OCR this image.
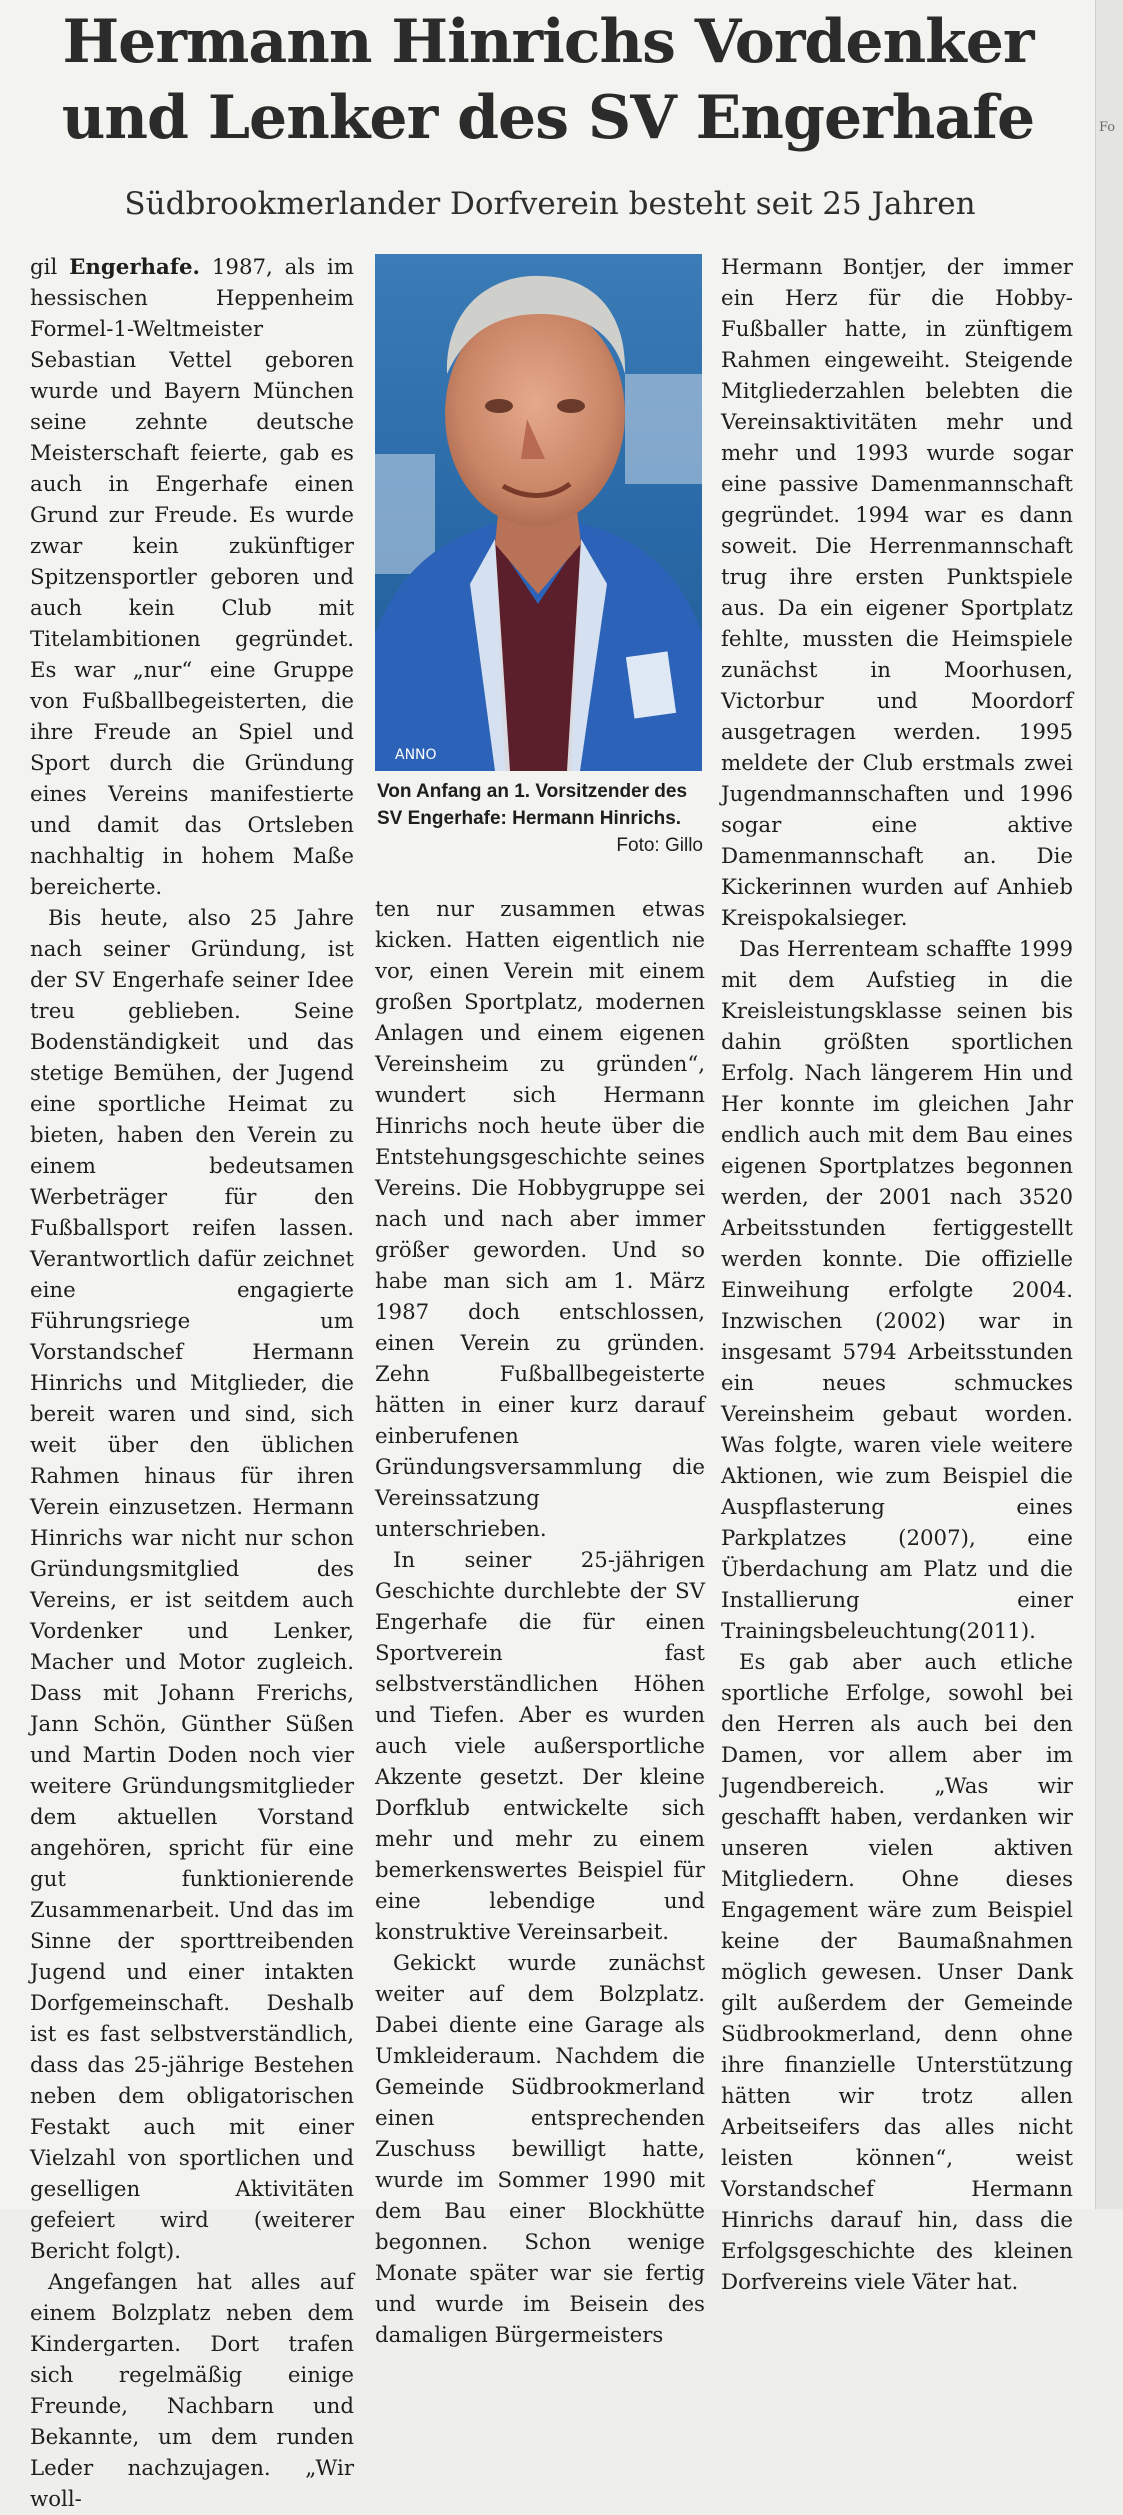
Hermann Hinrichs Vordenker
und Lenker des SV Engerhafe
Südbrookmerlander Dorfverein besteht seit 25 Jahren

gil Engerhafe. 1987, als im hessischen Heppenheim Formel-1-Weltmeister Sebastian Vettel geboren wurde und Bayern München seine zehnte deutsche Meisterschaft feierte, gab es auch in Engerhafe einen Grund zur Freude. Es wurde zwar kein zukünftiger Spitzensportler geboren und auch kein Club mit Titelambitionen gegründet. Es war „nur“ eine Gruppe von Fußballbegeisterten, die ihre Freude an Spiel und Sport durch die Gründung eines Vereins manifestierte und damit das Ortsleben nachhaltig in hohem Maße bereicherte.

Bis heute, also 25 Jahre nach seiner Gründung, ist der SV Engerhafe seiner Idee treu geblieben. Seine Bodenständigkeit und das stetige Bemühen, der Jugend eine sportliche Heimat zu bieten, haben den Verein zu einem bedeutsamen Werbeträger für den Fußballsport reifen lassen. Verantwortlich dafür zeichnet eine engagierte Führungsriege um Vorstandschef Hermann Hinrichs und Mitglieder, die bereit waren und sind, sich weit über den üblichen Rahmen hinaus für ihren Verein einzusetzen. Hermann Hinrichs war nicht nur schon Gründungsmitglied des Vereins, er ist seitdem auch Vordenker und Lenker, Macher und Motor zugleich. Dass mit Johann Frerichs, Jann Schön, Günther Süßen und Martin Doden noch vier weitere Gründungsmitglieder dem aktuellen Vorstand angehören, spricht für eine gut funktionierende Zusammenarbeit. Und das im Sinne der sporttreibenden Jugend und einer intakten Dorfgemeinschaft. Deshalb ist es fast selbstverständlich, dass das 25-jährige Bestehen neben dem obligatorischen Festakt auch mit einer Vielzahl von sportlichen und geselligen Aktivitäten gefeiert wird (weiterer Bericht folgt).

Angefangen hat alles auf einem Bolzplatz neben dem Kindergarten. Dort trafen sich regelmäßig einige Freunde, Nachbarn und Bekannte, um dem runden Leder nachzujagen. „Wir woll-

ANNO
Von Anfang an 1. Vorsitzender des SV Engerhafe: Hermann Hinrichs.
Foto: Gillo

ten nur zusammen etwas kicken. Hatten eigentlich nie vor, einen Verein mit einem großen Sportplatz, modernen Anlagen und einem eigenen Vereinsheim zu gründen“, wundert sich Hermann Hinrichs noch heute über die Entstehungsgeschichte seines Vereins. Die Hobbygruppe sei nach und nach aber immer größer geworden. Und so habe man sich am 1. März 1987 doch entschlossen, einen Verein zu gründen. Zehn Fußballbegeisterte hätten in einer kurz darauf einberufenen Gründungsversammlung die Vereinssatzung unterschrieben.

In seiner 25-jährigen Geschichte durchlebte der SV Engerhafe die für einen Sportverein fast selbstverständlichen Höhen und Tiefen. Aber es wurden auch viele außersportliche Akzente gesetzt. Der kleine Dorfklub entwickelte sich mehr und mehr zu einem bemerkenswertes Beispiel für eine lebendige und konstruktive Vereinsarbeit.

Gekickt wurde zunächst weiter auf dem Bolzplatz. Dabei diente eine Garage als Umkleideraum. Nachdem die Gemeinde Südbrookmerland einen entsprechenden Zuschuss bewilligt hatte, wurde im Sommer 1990 mit dem Bau einer Blockhütte begonnen. Schon wenige Monate später war sie fertig und wurde im Beisein des damaligen Bürgermeisters

Hermann Bontjer, der immer ein Herz für die Hobby-Fußballer hatte, in zünftigem Rahmen eingeweiht. Steigende Mitgliederzahlen belebten die Vereinsaktivitäten mehr und mehr und 1993 wurde sogar eine passive Damenmannschaft gegründet. 1994 war es dann soweit. Die Herrenmannschaft trug ihre ersten Punktspiele aus. Da ein eigener Sportplatz fehlte, mussten die Heimspiele zunächst in Moorhusen, Victorbur und Moordorf ausgetragen werden. 1995 meldete der Club erstmals zwei Jugendmannschaften und 1996 sogar eine aktive Damenmannschaft an. Die Kickerinnen wurden auf Anhieb Kreispokalsieger.

Das Herrenteam schaffte 1999 mit dem Aufstieg in die Kreisleistungsklasse seinen bis dahin größten sportlichen Erfolg. Nach längerem Hin und Her konnte im gleichen Jahr endlich auch mit dem Bau eines eigenen Sportplatzes begonnen werden, der 2001 nach 3520 Arbeitsstunden fertiggestellt werden konnte. Die offizielle Einweihung erfolgte 2004. Inzwischen (2002) war in insgesamt 5794 Arbeitsstunden ein neues schmuckes Vereinsheim gebaut worden. Was folgte, waren viele weitere Aktionen, wie zum Beispiel die Auspflasterung eines Parkplatzes (2007), eine Überdachung am Platz und die Installierung einer Trainingsbeleuchtung(2011).

Es gab aber auch etliche sportliche Erfolge, sowohl bei den Herren als auch bei den Damen, vor allem aber im Jugendbereich. „Was wir geschafft haben, verdanken wir unseren vielen aktiven Mitgliedern. Ohne dieses Engagement wäre zum Beispiel keine der Baumaßnahmen möglich gewesen. Unser Dank gilt außerdem der Gemeinde Südbrookmerland, denn ohne ihre finanzielle Unterstützung hätten wir trotz allen Arbeitseifers das alles nicht leisten können“, weist Vorstandschef Hermann Hinrichs darauf hin, dass die Erfolgsgeschichte des kleinen Dorfvereins viele Väter hat.

Fo
